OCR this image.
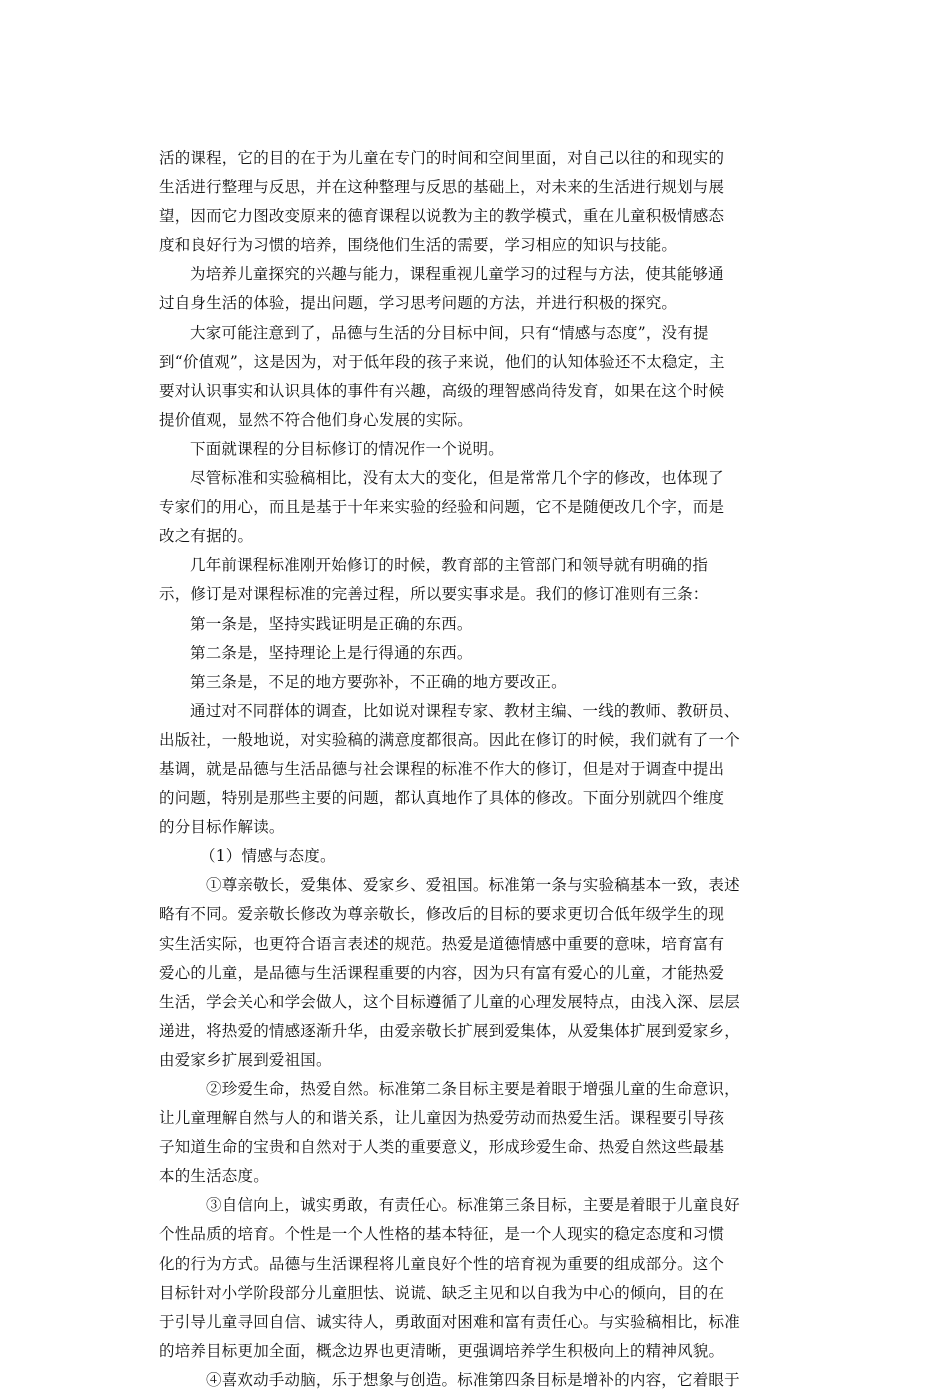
活的课程，它的目的在于为儿童在专门的时间和空间里面，对自己以往的和现实的
生活进行整理与反思，并在这种整理与反思的基础上，对未来的生活进行规划与展
望，因而它力图改变原来的德育课程以说教为主的教学模式，重在儿童积极情感态
度和良好行为习惯的培养，围绕他们生活的需要，学习相应的知识与技能。
为培养儿童探究的兴趣与能力，课程重视儿童学习的过程与方法，使其能够通
过自身生活的体验，提出问题，学习思考问题的方法，并进行积极的探究。
大家可能注意到了，品德与生活的分目标中间，只有“情感与态度”，没有提
到“价值观”，这是因为，对于低年段的孩子来说，他们的认知体验还不太稳定，主
要对认识事实和认识具体的事件有兴趣，高级的理智感尚待发育，如果在这个时候
提价值观，显然不符合他们身心发展的实际。
下面就课程的分目标修订的情况作一个说明。
尽管标准和实验稿相比，没有太大的变化，但是常常几个字的修改，也体现了
专家们的用心，而且是基于十年来实验的经验和问题，它不是随便改几个字，而是
改之有据的。
几年前课程标准刚开始修订的时候，教育部的主管部门和领导就有明确的指
示，修订是对课程标准的完善过程，所以要实事求是。我们的修订准则有三条：
第一条是，坚持实践证明是正确的东西。
第二条是，坚持理论上是行得通的东西。
第三条是，不足的地方要弥补，不正确的地方要改正。
通过对不同群体的调查，比如说对课程专家、教材主编、一线的教师、教研员、
出版社，一般地说，对实验稿的满意度都很高。因此在修订的时候，我们就有了一个
基调，就是品德与生活品德与社会课程的标准不作大的修订，但是对于调查中提出
的问题，特别是那些主要的问题，都认真地作了具体的修改。下面分别就四个维度
的分目标作解读。
（1）情感与态度。
①尊亲敬长，爱集体、爱家乡、爱祖国。标准第一条与实验稿基本一致，表述
略有不同。爱亲敬长修改为尊亲敬长，修改后的目标的要求更切合低年级学生的现
实生活实际，也更符合语言表述的规范。热爱是道德情感中重要的意味，培育富有
爱心的儿童，是品德与生活课程重要的内容，因为只有富有爱心的儿童，才能热爱
生活，学会关心和学会做人，这个目标遵循了儿童的心理发展特点，由浅入深、层层
递进，将热爱的情感逐渐升华，由爱亲敬长扩展到爱集体，从爱集体扩展到爱家乡，
由爱家乡扩展到爱祖国。
②珍爱生命，热爱自然。标准第二条目标主要是着眼于增强儿童的生命意识，
让儿童理解自然与人的和谐关系，让儿童因为热爱劳动而热爱生活。课程要引导孩
子知道生命的宝贵和自然对于人类的重要意义，形成珍爱生命、热爱自然这些最基
本的生活态度。
③自信向上，诚实勇敢，有责任心。标准第三条目标，主要是着眼于儿童良好
个性品质的培育。个性是一个人性格的基本特征，是一个人现实的稳定态度和习惯
化的行为方式。品德与生活课程将儿童良好个性的培育视为重要的组成部分。这个
目标针对小学阶段部分儿童胆怯、说谎、缺乏主见和以自我为中心的倾向，目的在
于引导儿童寻回自信、诚实待人，勇敢面对困难和富有责任心。与实验稿相比，标准
的培养目标更加全面，概念边界也更清晰，更强调培养学生积极向上的精神风貌。
④喜欢动手动脑，乐于想象与创造。标准第四条目标是增补的内容，它着眼于
